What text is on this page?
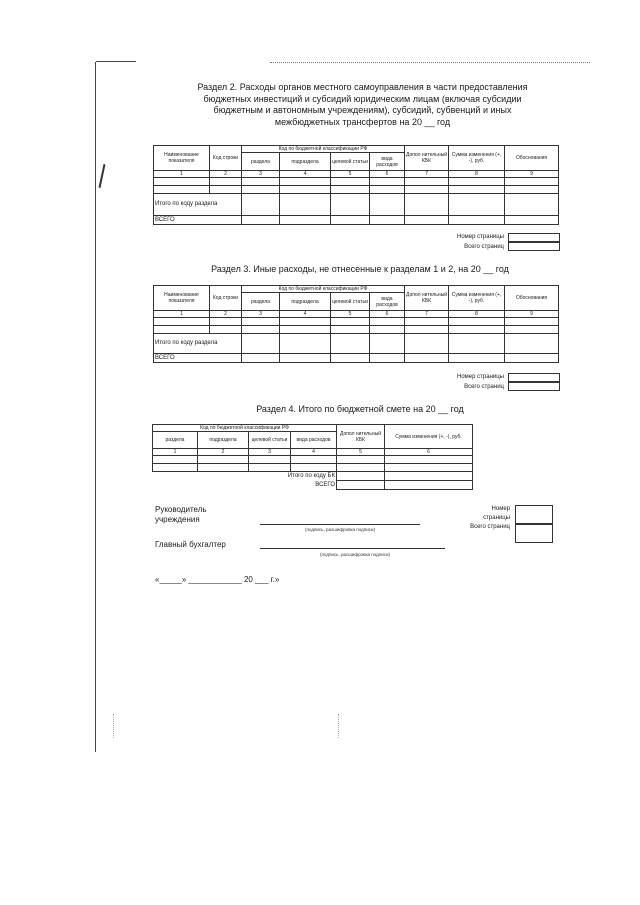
Раздел 2. Расходы органов местного самоуправления в части предоставления
бюджетных инвестиций и субсидий юридическим лицам (включая субсидии
бюджетным и автономным учреждениям), субсидий, субвенций и иных
межбюджетных трансфертов на 20 __ год
Наименование показателя	Код строки	Код по бюджетной классификации РФ				Допол нительный КБК	Сумма изменения (+, -), руб.	Обоснования
		раздела	подраздела	целевой статьи	вида расходов			
1	2	3	4	5	6	7	8	9

Итого по коду раздела								
ВСЕГО								
Номер страницы
Всего страниц
Раздел 3. Иные расходы, не отнесенные к разделам 1 и 2, на 20 __ год
Наименование показателя	Код строки	Код по бюджетной классификации РФ				Допол нительный КБК	Сумма изменения (+, -), руб.	Обоснования
		раздела	подраздела	целевой статьи	вида расходов			
1	2	3	4	5	6	7	8	9

Итого по коду раздела								
ВСЕГО								
Номер страницы
Всего страниц
Раздел 4. Итого по бюджетной смете на 20 __ год
Код по бюджетной классификации РФ				Допол нительный КБК	Сумма изменения (+, -), руб.
раздела	подраздела	целевой статьи	вида расходов		
1	2	3	4	5	6

Итого по коду БК					
ВСЕГО					
Руководитель
учреждения
(подпись, расшифровка подписи)
Главный бухгалтер
(подпись, расшифровка подписи)
«_____» ____________ 20 ___ г.»
Номер
страницы
Всего страниц
